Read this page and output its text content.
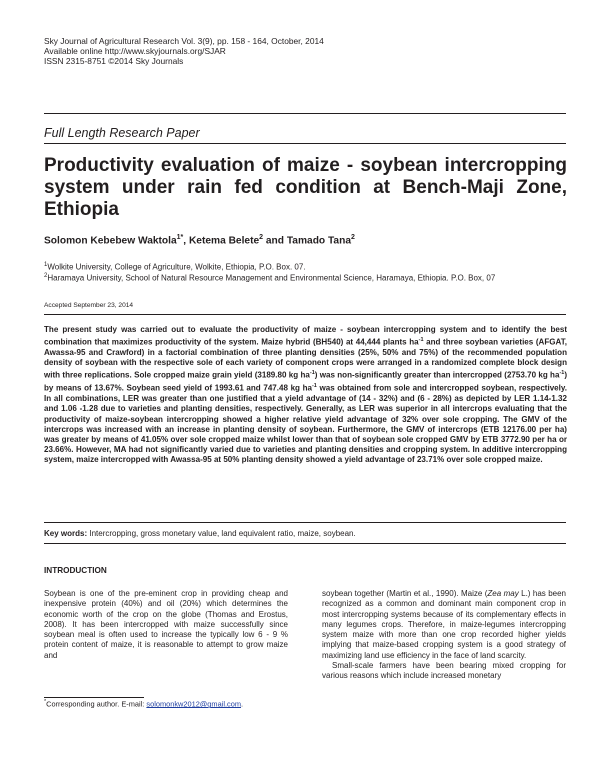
Sky Journal of Agricultural Research Vol. 3(9), pp. 158 - 164, October, 2014
Available online http://www.skyjournals.org/SJAR
ISSN 2315-8751 ©2014 Sky Journals
Full Length Research Paper
Productivity evaluation of maize - soybean intercropping system under rain fed condition at Bench-Maji Zone, Ethiopia
Solomon Kebebew Waktola$^{1*}$, Ketema Belete$^2$ and Tamado Tana$^2$
$^1$Wolkite University, College of Agriculture, Wolkite, Ethiopia, P.O. Box. 07.
$^2$Haramaya University, School of Natural Resource Management and Environmental Science, Haramaya, Ethiopia. P.O. Box, 07
Accepted September 23, 2014
The present study was carried out to evaluate the productivity of maize - soybean intercropping system and to identify the best combination that maximizes productivity of the system. Maize hybrid (BH540) at 44,444 plants $ha^{-1}$ and three soybean varieties (AFGAT, Awassa-95 and Crawford) in a factorial combination of three planting densities (25%, 50% and 75%) of the recommended population density of soybean with the respective sole of each variety of component crops were arranged in a randomized complete block design with three replications. Sole cropped maize grain yield (3189.80 kg $ha^{-1}$) was non-significantly greater than intercropped (2753.70 kg $ha^{-1}$) by means of 13.67%. Soybean seed yield of 1993.61 and 747.48 kg $ha^{-1}$ was obtained from sole and intercropped soybean, respectively. In all combinations, LER was greater than one justified that a yield advantage of (14 - 32%) and (6 - 28%) as depicted by LER 1.14-1.32 and 1.06 -1.28 due to varieties and planting densities, respectively. Generally, as LER was superior in all intercrops evaluating that the productivity of maize-soybean intercropping showed a higher relative yield advantage of 32% over sole cropping. The GMV of the intercrops was increased with an increase in planting density of soybean. Furthermore, the GMV of intercrops (ETB 12176.00 per ha) was greater by means of 41.05% over sole cropped maize whilst lower than that of soybean sole cropped GMV by ETB 3772.90 per ha or 23.66%. However, MA had not significantly varied due to varieties and planting densities and cropping system. In additive intercropping system, maize intercropped with Awassa-95 at 50% planting density showed a yield advantage of 23.71% over sole cropped maize.
Key words: Intercropping, gross monetary value, land equivalent ratio, maize, soybean.
INTRODUCTION
Soybean is one of the pre-eminent crop in providing cheap and inexpensive protein (40%) and oil (20%) which determines the economic worth of the crop on the globe (Thomas and Erostus, 2008). It has been intercropped with maize successfully since soybean meal is often used to increase the typically low 6 - 9 % protein content of maize, it is reasonable to attempt to grow maize and
soybean together (Martin et al., 1990). Maize (Zea may L.) has been recognized as a common and dominant main component crop in most intercropping systems because of its complementary effects in many legumes crops. Therefore, in maize-legumes intercropping system maize with more than one crop recorded higher yields implying that maize-based cropping system is a good strategy of maximizing land use efficiency in the face of land scarcity.
Small-scale farmers have been bearing mixed cropping for various reasons which include increased monetary
*Corresponding author. E-mail: solomonkw2012@gmail.com.
